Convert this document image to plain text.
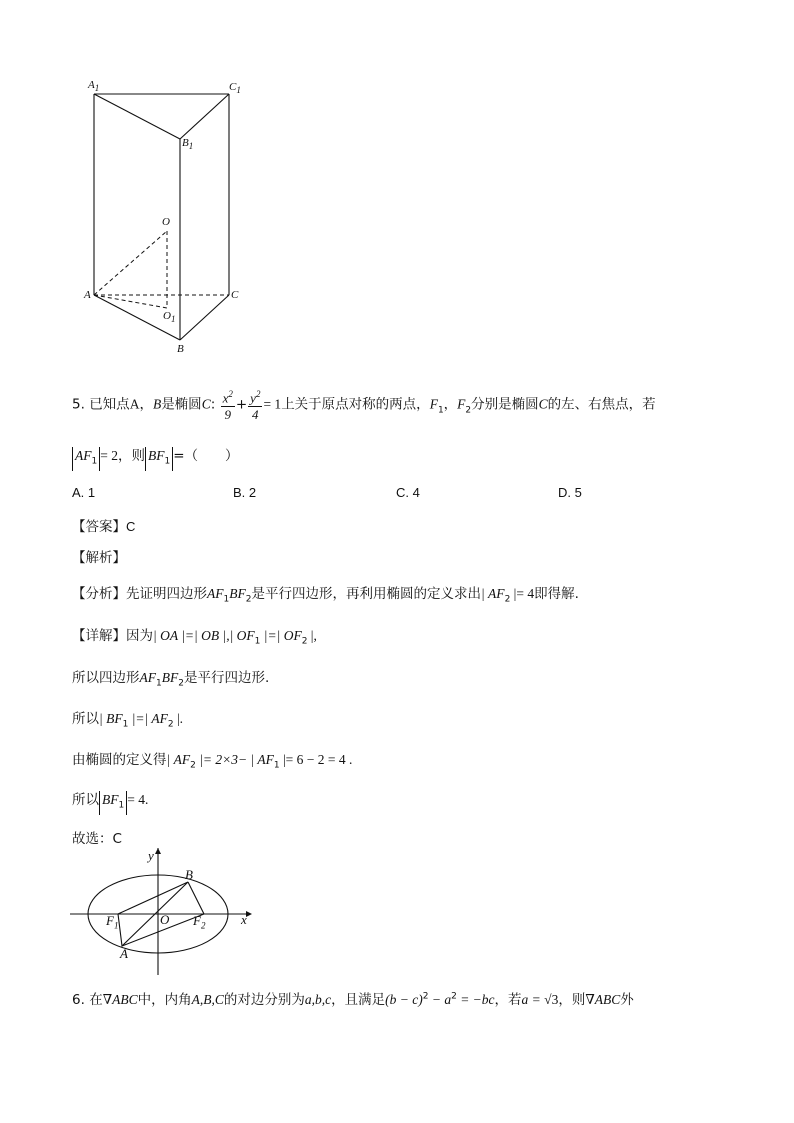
$A_1$	$C_1$
$B_1$
O
A	C
$O_1$
B
5. 已知点A，B是椭圆C: $\frac{x^2}{9} + \frac{y^2}{4} = 1$上关于原点对称的两点，$F_1$，$F_2$分别是椭圆C的左、右焦点，若
$AF_1 = 2$，则 $BF_1$ =（　　）
A. 1	B. 2	C. 4	D. 5
【答案】C
【解析】
【分析】先证明四边形$AF_1BF_2$是平行四边形，再利用椭圆的定义求出| $AF_2$ |= 4即得解.
【详解】因为| OA |=| OB |,| $OF_1$ |=| $OF_2$ |,
所以四边形$AF_1BF_2$是平行四边形.
所以| $BF_1$ |=| $AF_2$ |.
由椭圆的定义得| $AF_2$ |= 2×3− | $AF_1$ |= 6 − 2 = 4 .
所以 $BF_1 = 4$.
故选：C
y
x
B
O
$F_1$	$F_2$
A
6. 在∇ABC中，内角A,B,C的对边分别为a,b,c，且满足$(b - c)^2 - a^2 = -bc$，若a = √3，则∇ABC外
